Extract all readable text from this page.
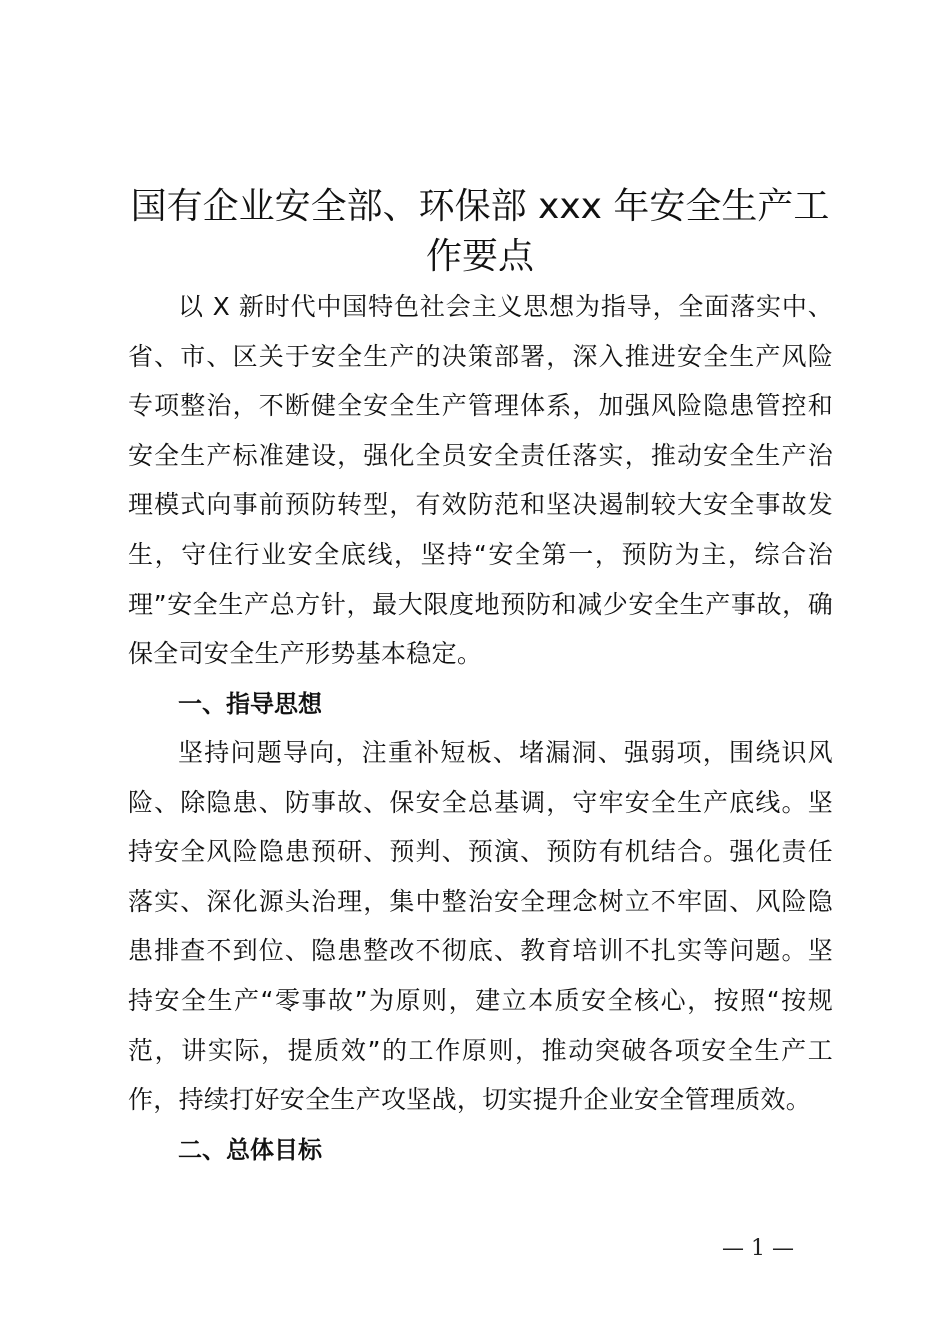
国有企业安全部、环保部 xxx 年安全生产工
作要点

以 X 新时代中国特色社会主义思想为指导，全面落实中、省、市、区关于安全生产的决策部署，深入推进安全生产风险专项整治，不断健全安全生产管理体系，加强风险隐患管控和安全生产标准建设，强化全员安全责任落实，推动安全生产治理模式向事前预防转型，有效防范和坚决遏制较大安全事故发生，守住行业安全底线，坚持“安全第一，预防为主，综合治理”安全生产总方针，最大限度地预防和减少安全生产事故，确保全司安全生产形势基本稳定。

一、指导思想

坚持问题导向，注重补短板、堵漏洞、强弱项，围绕识风险、除隐患、防事故、保安全总基调，守牢安全生产底线。坚持安全风险隐患预研、预判、预演、预防有机结合。强化责任落实、深化源头治理，集中整治安全理念树立不牢固、风险隐患排查不到位、隐患整改不彻底、教育培训不扎实等问题。坚持安全生产“零事故”为原则，建立本质安全核心，按照“按规范，讲实际，提质效”的工作原则，推动突破各项安全生产工作，持续打好安全生产攻坚战，切实提升企业安全管理质效。

二、总体目标
— 1 —
